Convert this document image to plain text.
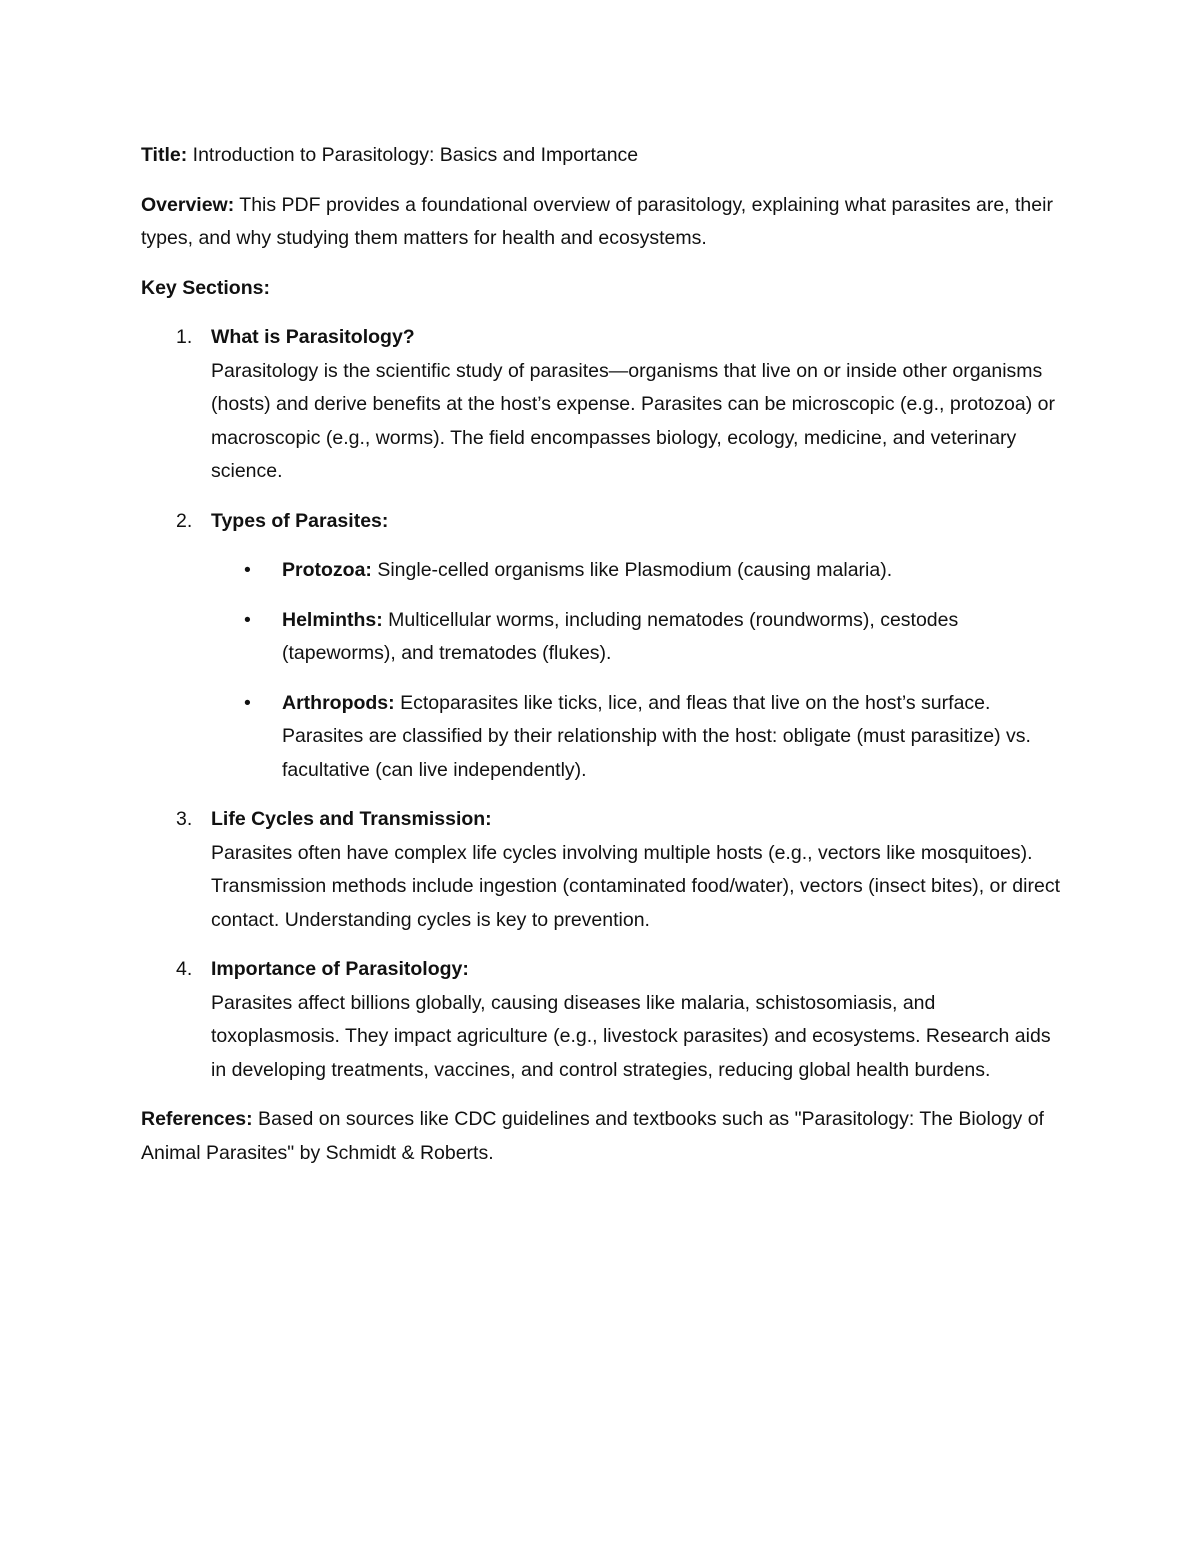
Title: Introduction to Parasitology: Basics and Importance

Overview: This PDF provides a foundational overview of parasitology, explaining what parasites are, their types, and why studying them matters for health and ecosystems.

Key Sections:

1. What is Parasitology?
Parasitology is the scientific study of parasites—organisms that live on or inside other organisms (hosts) and derive benefits at the host’s expense. Parasites can be microscopic (e.g., protozoa) or macroscopic (e.g., worms). The field encompasses biology, ecology, medicine, and veterinary science.
2. Types of Parasites:
• Protozoa: Single-celled organisms like Plasmodium (causing malaria).
• Helminths: Multicellular worms, including nematodes (roundworms), cestodes (tapeworms), and trematodes (flukes).
• Arthropods: Ectoparasites like ticks, lice, and fleas that live on the host’s surface. Parasites are classified by their relationship with the host: obligate (must parasitize) vs. facultative (can live independently).
3. Life Cycles and Transmission:
Parasites often have complex life cycles involving multiple hosts (e.g., vectors like mosquitoes). Transmission methods include ingestion (contaminated food/water), vectors (insect bites), or direct contact. Understanding cycles is key to prevention.
4. Importance of Parasitology:
Parasites affect billions globally, causing diseases like malaria, schistosomiasis, and toxoplasmosis. They impact agriculture (e.g., livestock parasites) and ecosystems. Research aids in developing treatments, vaccines, and control strategies, reducing global health burdens.

References: Based on sources like CDC guidelines and textbooks such as "Parasitology: The Biology of Animal Parasites" by Schmidt & Roberts.
